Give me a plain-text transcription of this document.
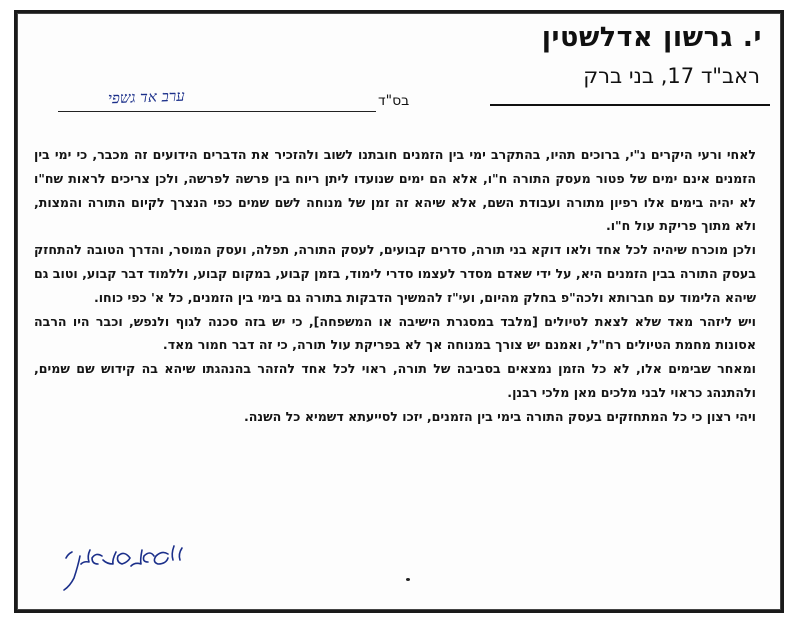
י. גרשון אדלשטין
ראב"ד 17, בני ברק
בס"ד
ערב אד גשפי

לאחי ורעי היקרים נ"י, ברוכים תהיו, בהתקרב ימי בין הזמנים חובתנו לשוב ולהזכיר את הדברים הידועים זה מכבר, כי ימי בין הזמנים אינם ימים של פטור מעסק התורה ח"ו, אלא הם ימים שנועדו ליתן ריוח בין פרשה לפרשה, ולכן צריכים לראות שח"ו לא יהיה בימים אלו רפיון מתורה ועבודת השם, אלא שיהא זה זמן של מנוחה לשם שמים כפי הנצרך לקיום התורה והמצות, ולא מתוך פריקת עול ח"ו.

ולכן מוכרח שיהיה לכל אחד ולאו דוקא בני תורה, סדרים קבועים, לעסק התורה, תפלה, ועסק המוסר, והדרך הטובה להתחזק בעסק התורה בבין הזמנים היא, על ידי שאדם מסדר לעצמו סדרי לימוד, בזמן קבוע, במקום קבוע, וללמוד דבר קבוע, וטוב גם שיהא הלימוד עם חברותא ולכה"פ בחלק מהיום, ועי"ז להמשיך הדבקות בתורה גם בימי בין הזמנים, כל א' כפי כוחו.

ויש ליזהר מאד שלא לצאת לטיולים [מלבד במסגרת הישיבה או המשפחה], כי יש בזה סכנה לגוף ולנפש, וכבר היו הרבה אסונות מחמת הטיולים רח"ל, ואמנם יש צורך במנוחה אך לא בפריקת עול תורה, כי זה דבר חמור מאד.

ומאחר שבימים אלו, לא כל הזמן נמצאים בסביבה של תורה, ראוי לכל אחד להזהר בהנהגתו שיהא בה קידוש שם שמים, ולהתנהג כראוי לבני מלכים מאן מלכי רבנן.

ויהי רצון כי כל המתחזקים בעסק התורה בימי בין הזמנים, יזכו לסייעתא דשמיא כל השנה.
